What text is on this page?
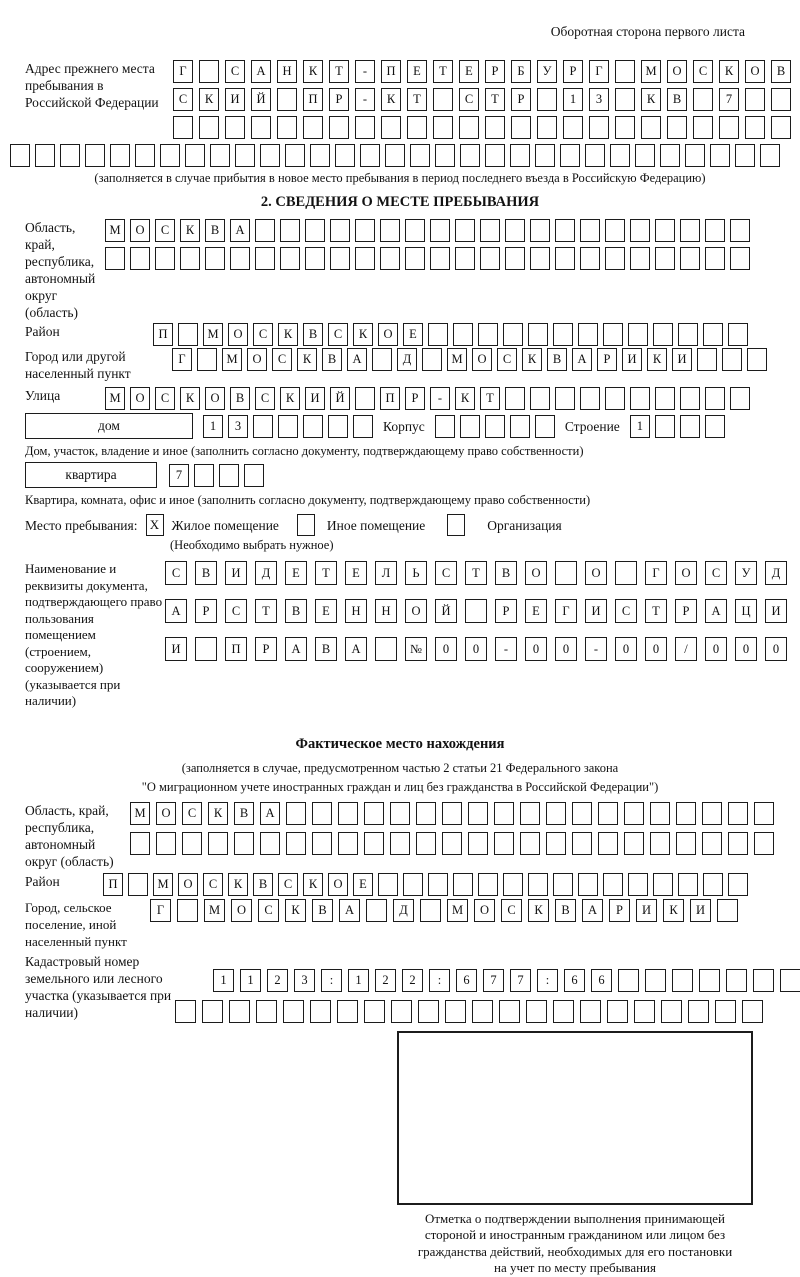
Оборотная сторона первого листа
Адрес прежнего места пребывания в Российской Федерации
Г	С	А	Н	К	Т	-	П	Е	Т	Е	Р	Б	У	Р	Г	М	О	С	К	О	В
С	К	И	Й	П	Р	-	К	Т	С	Т	Р	1	3	К	В	7
(заполняется в случае прибытия в новое место пребывания в период последнего въезда в Российскую Федерацию)
2. СВЕДЕНИЯ О МЕСТЕ ПРЕБЫВАНИЯ
Область, край, республика, автономный округ (область)
М	О	С	К	В	А
Район	П	М	О	С	К	В	С	К	О	Е
Город или другой населенный пункт
Г	М	О	С	К	В	А	Д	М	О	С	К	В	А	Р	И	К	И
Улица	М	О	С	К	О	В	С	К	И	Й	П	Р	-	К	Т
дом	1	3	Корпус	Строение	1
Дом, участок, владение и иное (заполнить согласно документу, подтверждающему право собственности)
квартира	7
Квартира, комната, офис и иное (заполнить согласно документу, подтверждающему право собственности)
Место пребывания: X Жилое помещение	Иное помещение	Организация
(Необходимо выбрать нужное)
Наименование и реквизиты документа, подтверждающего право пользования помещением (строением, сооружением) (указывается при наличии)
С	В	И	Д	Е	Т	Е	Л	Ь	С	Т	В	О	О	Г	О	С	У	Д
А	Р	С	Т	В	Е	Н	Н	О	Й	Р	Е	Г	И	С	Т	Р	А	Ц	И
И	П	Р	А	В	А	№	0	0	-	0	0	-	0	0	/	0	0	0
Фактическое место нахождения
(заполняется в случае, предусмотренном частью 2 статьи 21 Федерального закона
"О миграционном учете иностранных граждан и лиц без гражданства в Российской Федерации")
Область, край, республика, автономный округ (область)
М	О	С	К	В	А
Район	П	М	О	С	К	В	С	К	О	Е
Город, сельское поселение, иной населенный пункт
Г	М	О	С	К	В	А	Д	М	О	С	К	В	А	Р	И	К	И
Кадастровый номер земельного или лесного участка (указывается при наличии)
1	1	2	3	:	1	2	2	:	6	7	7	:	6	6
Отметка о подтверждении выполнения принимающей
стороной и иностранным гражданином или лицом без
гражданства действий, необходимых для его постановки
на учет по месту пребывания
